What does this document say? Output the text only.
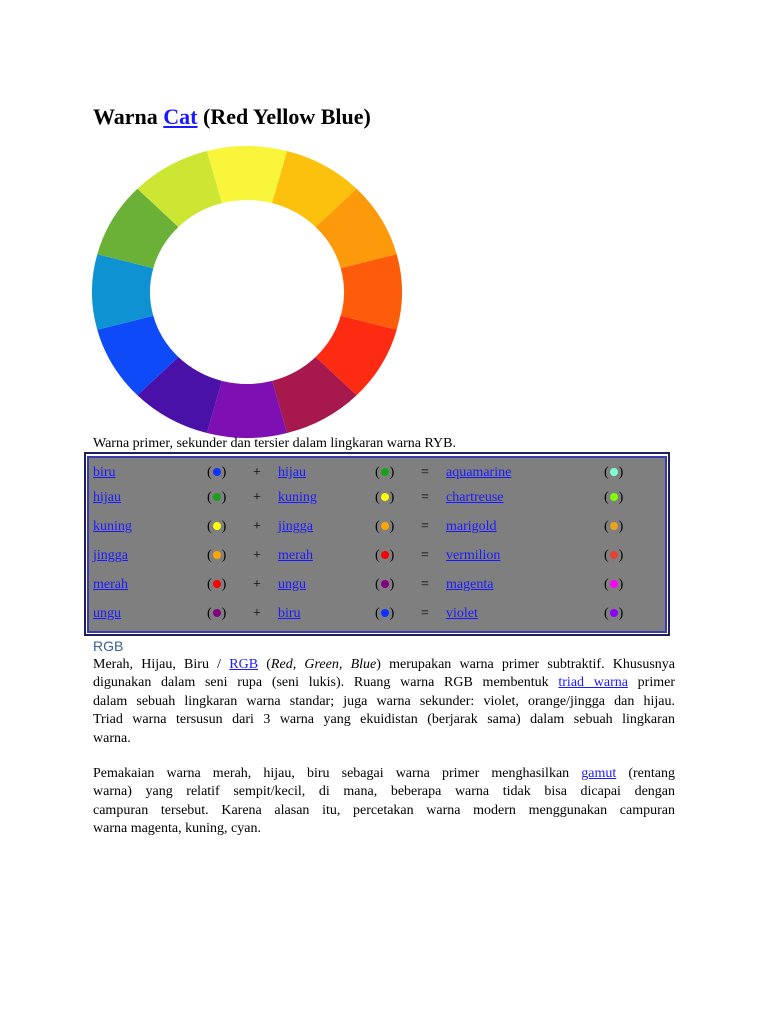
Warna Cat (Red Yellow Blue)
Warna primer, sekunder dan tersier dalam lingkaran warna RYB.
biru	( ) + hijau	( ) = aquamarine	( )
hijau	( ) + kuning	( ) = chartreuse	( )
kuning	( ) + jingga	( ) = marigold	( )
jingga	( ) + merah	( ) = vermilion	( )
merah	( ) + ungu	( ) = magenta	( )
ungu	( ) + biru	( ) = violet	( )
RGB
Merah, Hijau, Biru / RGB (Red, Green, Blue) merupakan warna primer subtraktif. Khususnya
digunakan dalam seni rupa (seni lukis). Ruang warna RGB membentuk triad warna primer
dalam sebuah lingkaran warna standar; juga warna sekunder: violet, orange/jingga dan hijau.
Triad warna tersusun dari 3 warna yang ekuidistan (berjarak sama) dalam sebuah lingkaran
warna.
Pemakaian warna merah, hijau, biru sebagai warna primer menghasilkan gamut (rentang
warna) yang relatif sempit/kecil, di mana, beberapa warna tidak bisa dicapai dengan
campuran tersebut. Karena alasan itu, percetakan warna modern menggunakan campuran
warna magenta, kuning, cyan.
